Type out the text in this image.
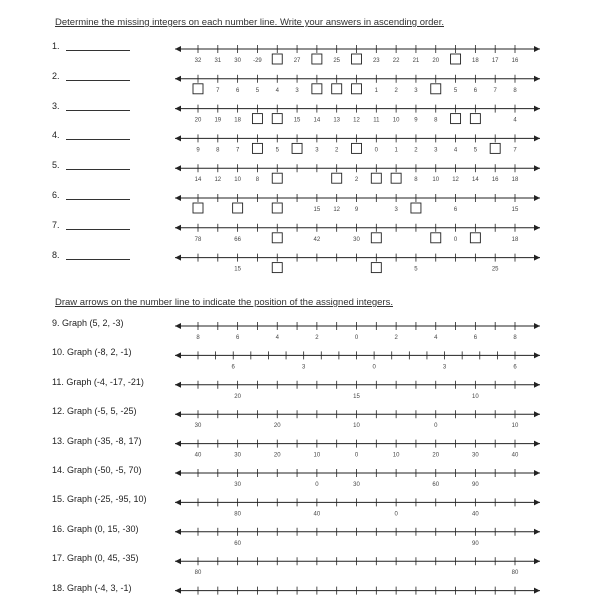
Determine the missing integers on each number line. Write your answers in ascending order.
Draw arrows on the number line to indicate the position of the assigned integers.
1.
2.
3.
4.
5.
6.
7.
8.
9. Graph (5, 2, -3)
10. Graph (-8, 2, -1)
11. Graph (-4, -17, -21)
12. Graph (-5, 5, -25)
13. Graph (-35, -8, 17)
14. Graph (-50, -5, 70)
15. Graph (-25, -95, 10)
16. Graph (0, 15, -30)
17. Graph (0, 45, -35)
18. Graph (-4, 3, -1)
32 31 30 -29	27	25	23 22 21 20	18 17 16
7	6	5	4	3	1	2	3	5	6	7	8
20 19 18	15 14 13 12 11 10 9	8	4
9	8	7	5	3	2	0	1	2	3	4	5	7
14 12 10 8	2	8 10 12 14 16 18
15 12 9	3	6	15
78	66	42	30	0	18
15	5	25
8	6	4	2	0	2	4	6	8
6	3	0	3	6
20	15	10
30	20	10	0	10
40	30	20	10	0	10	20	30	40
30	0	30	60	90
80	40	0	40
60	90
80	80
